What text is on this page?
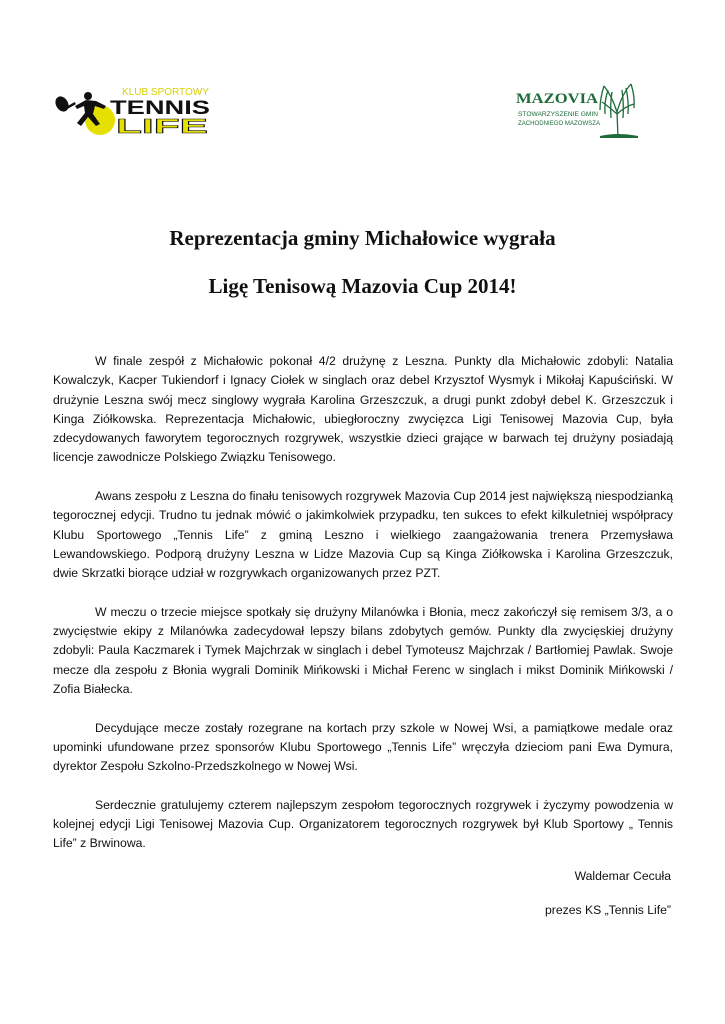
KLUB SPORTOWY
TENNIS
LIFE
MAZOVIA
STOWARZYSZENIE GMIN
ZACHODNIEGO MAZOWSZA
Reprezentacja gminy Michałowice wygrała
Ligę Tenisową Mazovia Cup 2014!

W finale zespół z Michałowic pokonał 4/2 drużynę z Leszna. Punkty dla Michałowic zdobyli: Natalia Kowalczyk, Kacper Tukiendorf i Ignacy Ciołek w singlach oraz debel Krzysztof Wysmyk i Mikołaj Kapuściński. W drużynie Leszna swój mecz singlowy wygrała Karolina Grzeszczuk, a drugi punkt zdobył debel K. Grzeszczuk i Kinga Ziółkowska. Reprezentacja Michałowic, ubiegłoroczny zwycięzca Ligi Tenisowej Mazovia Cup, była zdecydowanych faworytem tegorocznych rozgrywek, wszystkie dzieci grające w barwach tej drużyny posiadają licencje zawodnicze Polskiego Związku Tenisowego.

Awans zespołu z Leszna do finału tenisowych rozgrywek Mazovia Cup 2014 jest największą niespodzianką tegorocznej edycji. Trudno tu jednak mówić o jakimkolwiek przypadku, ten sukces to efekt kilkuletniej współpracy Klubu Sportowego „Tennis Life” z gminą Leszno i wielkiego zaangażowania trenera Przemysława Lewandowskiego. Podporą drużyny Leszna w Lidze Mazovia Cup są Kinga Ziółkowska i Karolina Grzeszczuk, dwie Skrzatki biorące udział w rozgrywkach organizowanych przez PZT.

W meczu o trzecie miejsce spotkały się drużyny Milanówka i Błonia, mecz zakończył się remisem 3/3, a o zwycięstwie ekipy z Milanówka zadecydował lepszy bilans zdobytych gemów. Punkty dla zwycięskiej drużyny zdobyli: Paula Kaczmarek i Tymek Majchrzak w singlach i debel Tymoteusz Majchrzak / Bartłomiej Pawlak. Swoje mecze dla zespołu z Błonia wygrali Dominik Mińkowski i Michał Ferenc w singlach i mikst Dominik Mińkowski / Zofia Białecka.

Decydujące mecze zostały rozegrane na kortach przy szkole w Nowej Wsi, a pamiątkowe medale oraz upominki ufundowane przez sponsorów Klubu Sportowego „Tennis Life” wręczyła dzieciom pani Ewa Dymura, dyrektor Zespołu Szkolno-Przedszkolnego w Nowej Wsi.

Serdecznie gratulujemy czterem najlepszym zespołom tegorocznych rozgrywek i życzymy powodzenia w kolejnej edycji Ligi Tenisowej Mazovia Cup. Organizatorem tegorocznych rozgrywek był Klub Sportowy „ Tennis Life” z Brwinowa.

Waldemar Cecuła
prezes KS „Tennis Life”
